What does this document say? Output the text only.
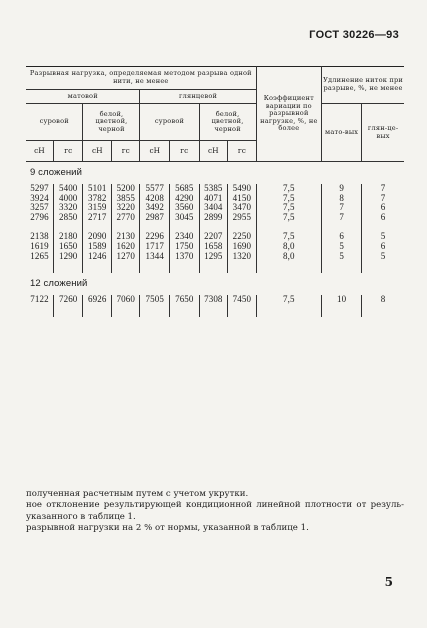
ГОСТ 30226—93
Разрывная нагрузка, определяемая методом разрыва одной нити, не менее								Коэффициент вариации по разрывной нагрузке, %, не более	Удлинение ниток при разрыве, %, не менее	
матовой				глянцевой						
суровой		белой, цветной, черной		суровой		белой, цветной, черной			мато-вых	глян-це-вых
сН	гс	сН	гс	сН	гс	сН	гс			
9 сложений										
5297	5400	5101	5200	5577	5685	5385	5490	7,5	9	7
3924	4000	3782	3855	4208	4290	4071	4150	7,5	8	7
3257	3320	3159	3220	3492	3560	3404	3470	7,5	7	6
2796	2850	2717	2770	2987	3045	2899	2955	7,5	7	6

2138	2180	2090	2130	2296	2340	2207	2250	7,5	6	5
1619	1650	1589	1620	1717	1750	1658	1690	8,0	5	6
1265	1290	1246	1270	1344	1370	1295	1320	8,0	5	5

12 сложений										
7122	7260	6926	7060	7505	7650	7308	7450	7,5	10	8

полученная расчетным путем с учетом укрутки.

ное отклонение результирующей кондиционной линейной плотности от резуль-

указанного в таблице 1.

разрывной нагрузки на 2 % от нормы, указанной в таблице 1.

5
